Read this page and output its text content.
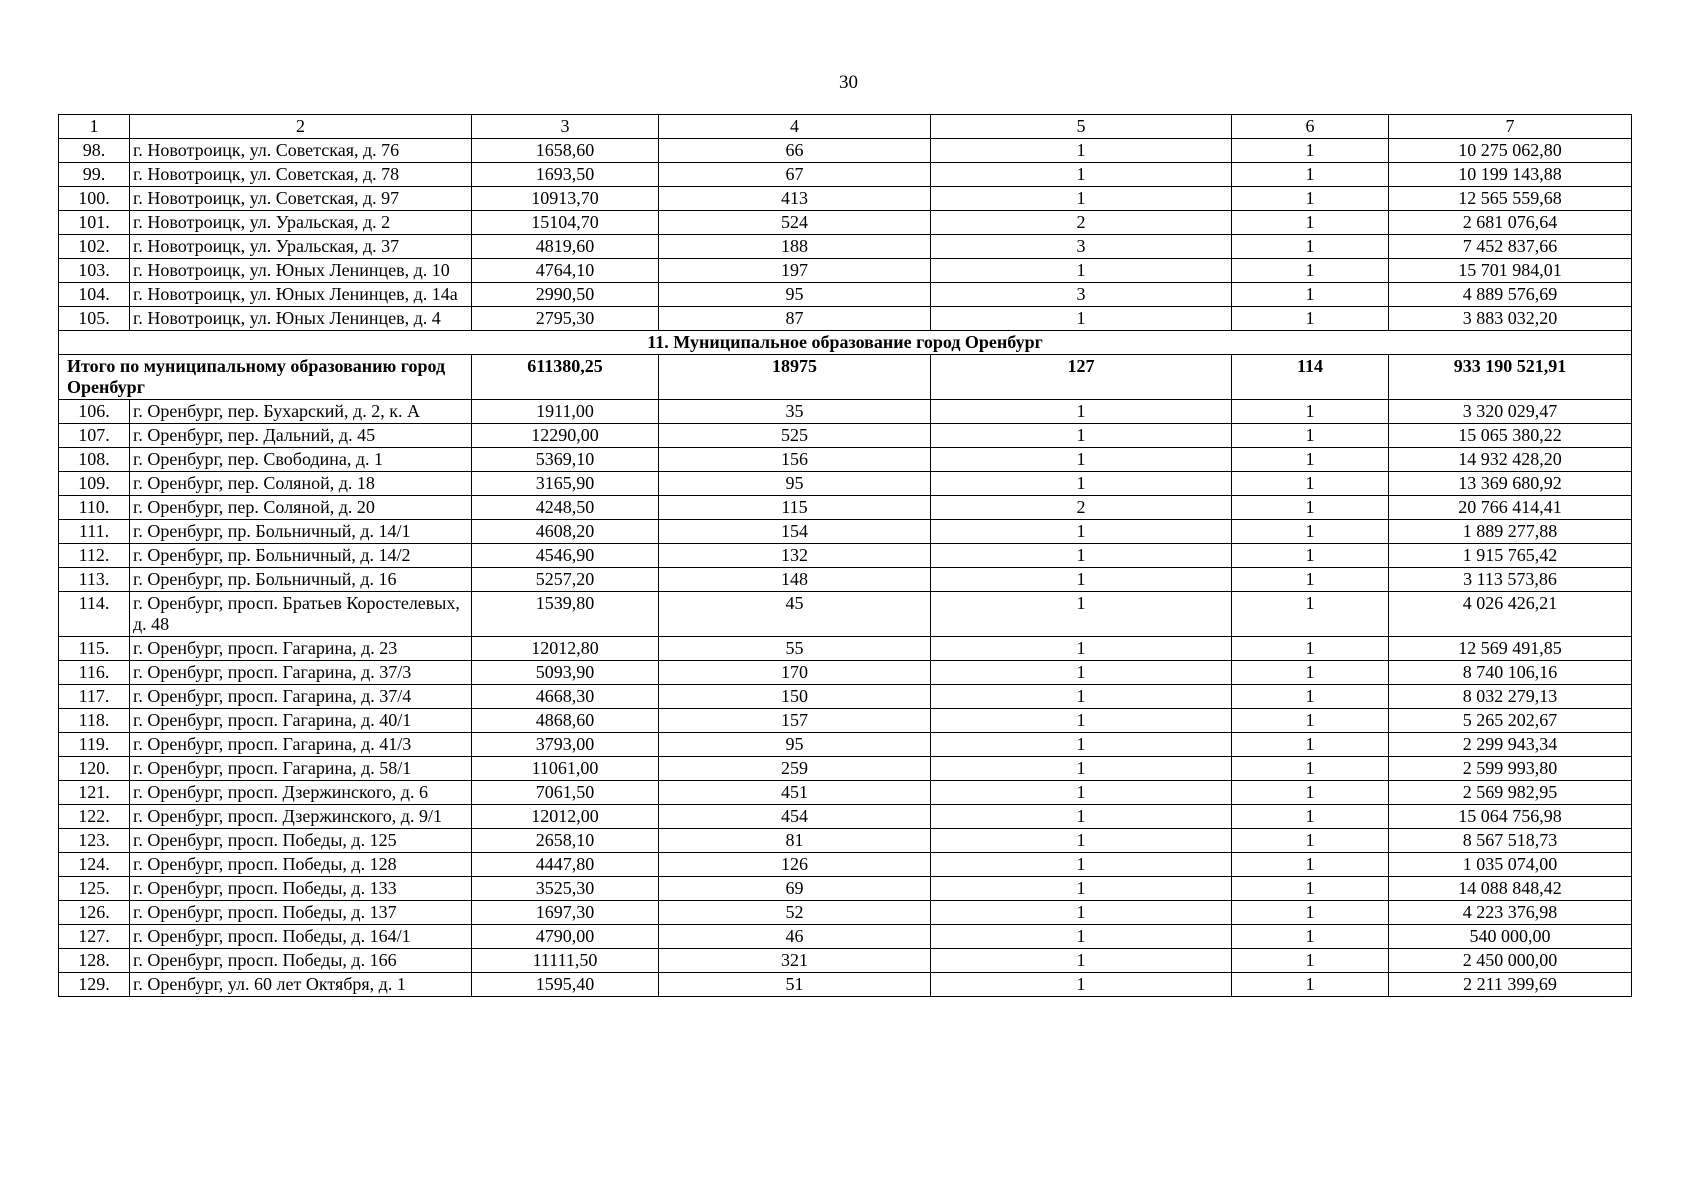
30
1	2	3	4	5	6	7
98.	г. Новотроицк, ул. Советская, д. 76	1658,60	66	1	1	10 275 062,80
99.	г. Новотроицк, ул. Советская, д. 78	1693,50	67	1	1	10 199 143,88
100.	г. Новотроицк, ул. Советская, д. 97	10913,70	413	1	1	12 565 559,68
101.	г. Новотроицк, ул. Уральская, д. 2	15104,70	524	2	1	2 681 076,64
102.	г. Новотроицк, ул. Уральская, д. 37	4819,60	188	3	1	7 452 837,66
103.	г. Новотроицк, ул. Юных Ленинцев, д. 10	4764,10	197	1	1	15 701 984,01
104.	г. Новотроицк, ул. Юных Ленинцев, д. 14а	2990,50	95	3	1	4 889 576,69
105.	г. Новотроицк, ул. Юных Ленинцев, д. 4	2795,30	87	1	1	3 883 032,20
11. Муниципальное образование город Оренбург						
Итого по муниципальному образованию город Оренбург		611380,25	18975	127	114	933 190 521,91
106.	г. Оренбург, пер. Бухарский, д. 2, к. А	1911,00	35	1	1	3 320 029,47
107.	г. Оренбург, пер. Дальний, д. 45	12290,00	525	1	1	15 065 380,22
108.	г. Оренбург, пер. Свободина, д. 1	5369,10	156	1	1	14 932 428,20
109.	г. Оренбург, пер. Соляной, д. 18	3165,90	95	1	1	13 369 680,92
110.	г. Оренбург, пер. Соляной, д. 20	4248,50	115	2	1	20 766 414,41
111.	г. Оренбург, пр. Больничный, д. 14/1	4608,20	154	1	1	1 889 277,88
112.	г. Оренбург, пр. Больничный, д. 14/2	4546,90	132	1	1	1 915 765,42
113.	г. Оренбург, пр. Больничный, д. 16	5257,20	148	1	1	3 113 573,86
114.	г. Оренбург, просп. Братьев Коростелевых, д. 48	1539,80	45	1	1	4 026 426,21
115.	г. Оренбург, просп. Гагарина, д. 23	12012,80	55	1	1	12 569 491,85
116.	г. Оренбург, просп. Гагарина, д. 37/3	5093,90	170	1	1	8 740 106,16
117.	г. Оренбург, просп. Гагарина, д. 37/4	4668,30	150	1	1	8 032 279,13
118.	г. Оренбург, просп. Гагарина, д. 40/1	4868,60	157	1	1	5 265 202,67
119.	г. Оренбург, просп. Гагарина, д. 41/3	3793,00	95	1	1	2 299 943,34
120.	г. Оренбург, просп. Гагарина, д. 58/1	11061,00	259	1	1	2 599 993,80
121.	г. Оренбург, просп. Дзержинского, д. 6	7061,50	451	1	1	2 569 982,95
122.	г. Оренбург, просп. Дзержинского, д. 9/1	12012,00	454	1	1	15 064 756,98
123.	г. Оренбург, просп. Победы, д. 125	2658,10	81	1	1	8 567 518,73
124.	г. Оренбург, просп. Победы, д. 128	4447,80	126	1	1	1 035 074,00
125.	г. Оренбург, просп. Победы, д. 133	3525,30	69	1	1	14 088 848,42
126.	г. Оренбург, просп. Победы, д. 137	1697,30	52	1	1	4 223 376,98
127.	г. Оренбург, просп. Победы, д. 164/1	4790,00	46	1	1	540 000,00
128.	г. Оренбург, просп. Победы, д. 166	11111,50	321	1	1	2 450 000,00
129.	г. Оренбург, ул. 60 лет Октября, д. 1	1595,40	51	1	1	2 211 399,69
